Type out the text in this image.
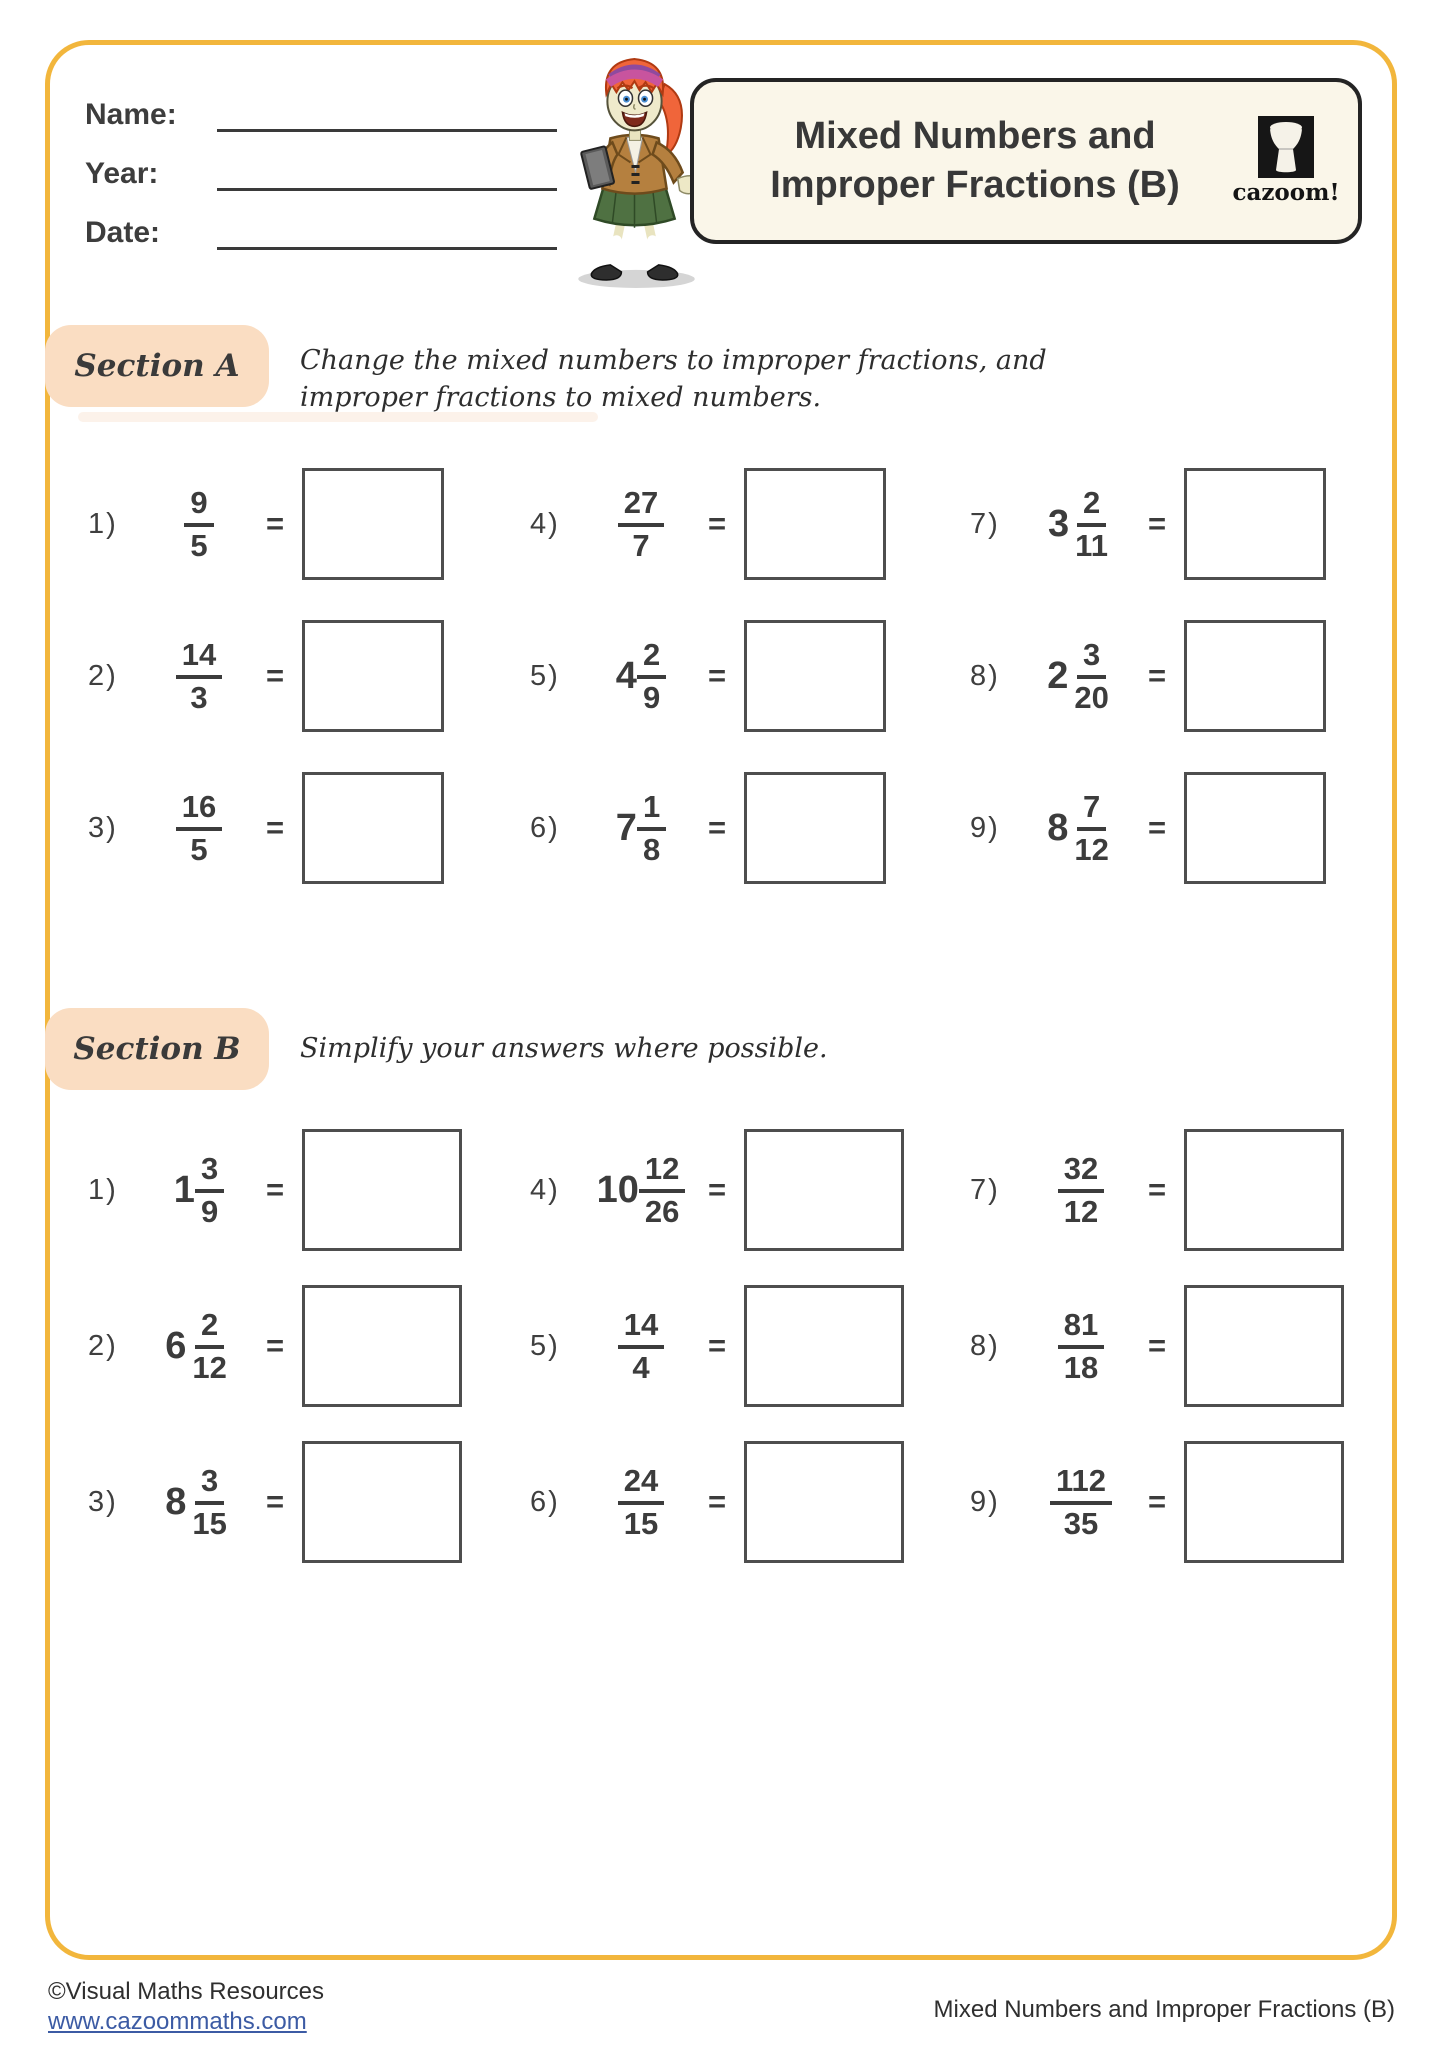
Name:
Year:
Date:
Mixed Numbers and
Improper Fractions (B)	cazoom!
Section A	Change the mixed numbers to improper fractions, and improper fractions to mixed numbers.
1)	$\frac{9}{5}$ =	4)	$\frac{27}{7}$ =	7)	$3 \frac{2}{11}$ =
2)	$\frac{14}{3}$ =	5)	$4 \frac{2}{9}$ =	8)	$2 \frac{3}{20}$ =
3)	$\frac{16}{5}$ =	6)	$7 \frac{1}{8}$ =	9)	$8 \frac{7}{12}$ =
Section B	Simplify your answers where possible.
1)	$1 \frac{3}{9}$ =	4) $10 \frac{12}{26}$ =	7)	$\frac{32}{12}$ =
2)	$6 \frac{2}{12}$ =	5)	$\frac{14}{4}$ =	8)	$\frac{81}{18}$ =
3)	$8 \frac{3}{15}$ =	6)	$\frac{24}{15}$ =	9)	$\frac{112}{35}$ =
©Visual Maths Resources
www.cazoommaths.com	Mixed Numbers and Improper Fractions (B)
